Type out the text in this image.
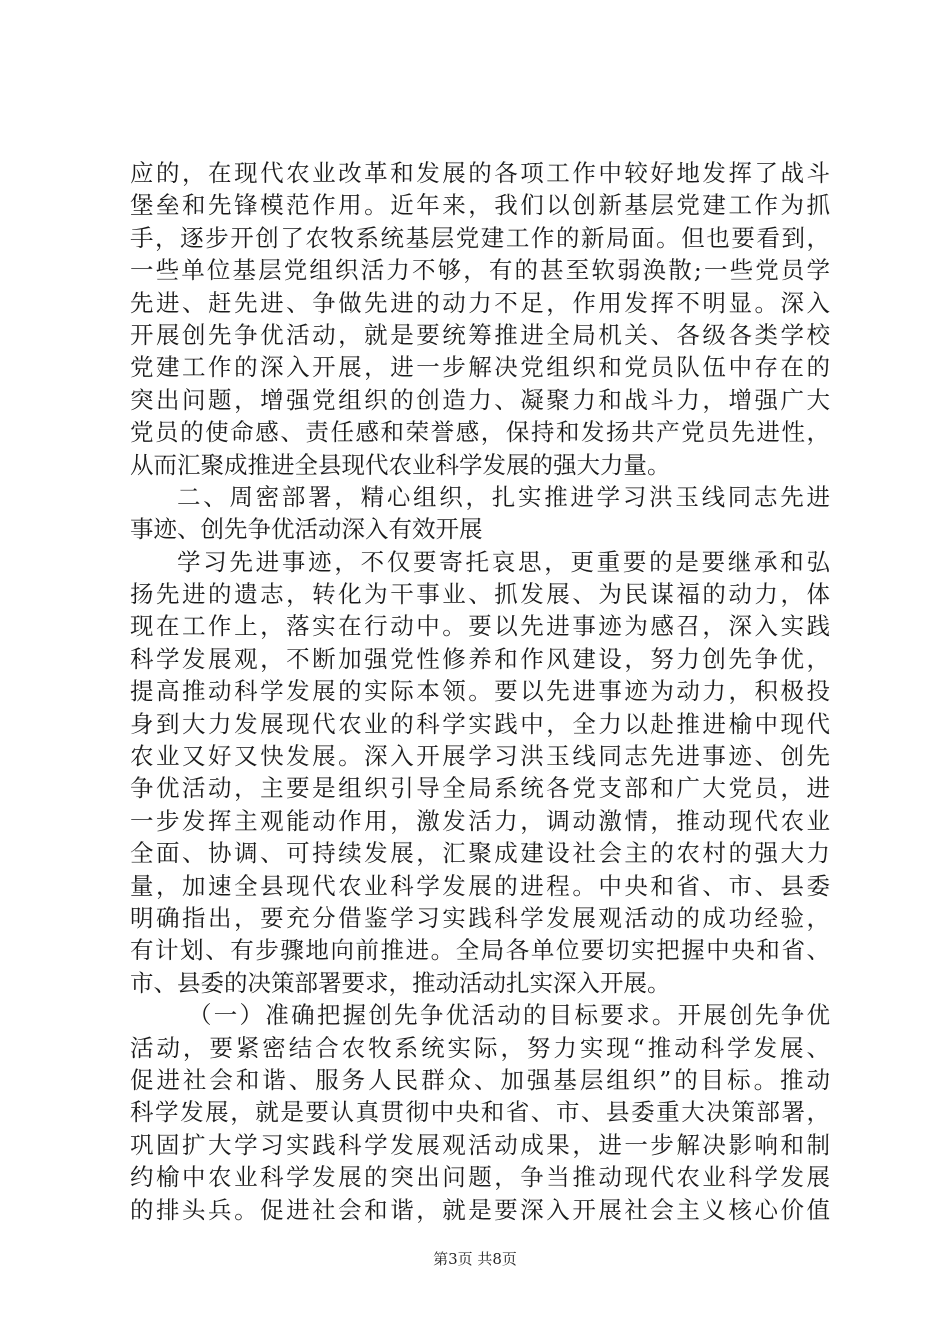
应的，在现代农业改革和发展的各项工作中较好地发挥了战斗
堡垒和先锋模范作用。近年来，我们以创新基层党建工作为抓
手，逐步开创了农牧系统基层党建工作的新局面。但也要看到，
一些单位基层党组织活力不够，有的甚至软弱涣散;一些党员学
先进、赶先进、争做先进的动力不足，作用发挥不明显。深入
开展创先争优活动，就是要统筹推进全局机关、各级各类学校
党建工作的深入开展，进一步解决党组织和党员队伍中存在的
突出问题，增强党组织的创造力、凝聚力和战斗力，增强广大
党员的使命感、责任感和荣誉感，保持和发扬共产党员先进性，
从而汇聚成推进全县现代农业科学发展的强大力量。
二、周密部署，精心组织，扎实推进学习洪玉线同志先进
事迹、创先争优活动深入有效开展
学习先进事迹，不仅要寄托哀思，更重要的是要继承和弘
扬先进的遗志，转化为干事业、抓发展、为民谋福的动力，体
现在工作上，落实在行动中。要以先进事迹为感召，深入实践
科学发展观，不断加强党性修养和作风建设，努力创先争优，
提高推动科学发展的实际本领。要以先进事迹为动力，积极投
身到大力发展现代农业的科学实践中，全力以赴推进榆中现代
农业又好又快发展。深入开展学习洪玉线同志先进事迹、创先
争优活动，主要是组织引导全局系统各党支部和广大党员，进
一步发挥主观能动作用，激发活力，调动激情，推动现代农业
全面、协调、可持续发展，汇聚成建设社会主的农村的强大力
量，加速全县现代农业科学发展的进程。中央和省、市、县委
明确指出，要充分借鉴学习实践科学发展观活动的成功经验，
有计划、有步骤地向前推进。全局各单位要切实把握中央和省、
市、县委的决策部署要求，推动活动扎实深入开展。
（一）准确把握创先争优活动的目标要求。开展创先争优
活动，要紧密结合农牧系统实际，努力实现“推动科学发展、
促进社会和谐、服务人民群众、加强基层组织”的目标。推动
科学发展，就是要认真贯彻中央和省、市、县委重大决策部署，
巩固扩大学习实践科学发展观活动成果，进一步解决影响和制
约榆中农业科学发展的突出问题，争当推动现代农业科学发展
的排头兵。促进社会和谐，就是要深入开展社会主义核心价值
第3页 共8页
